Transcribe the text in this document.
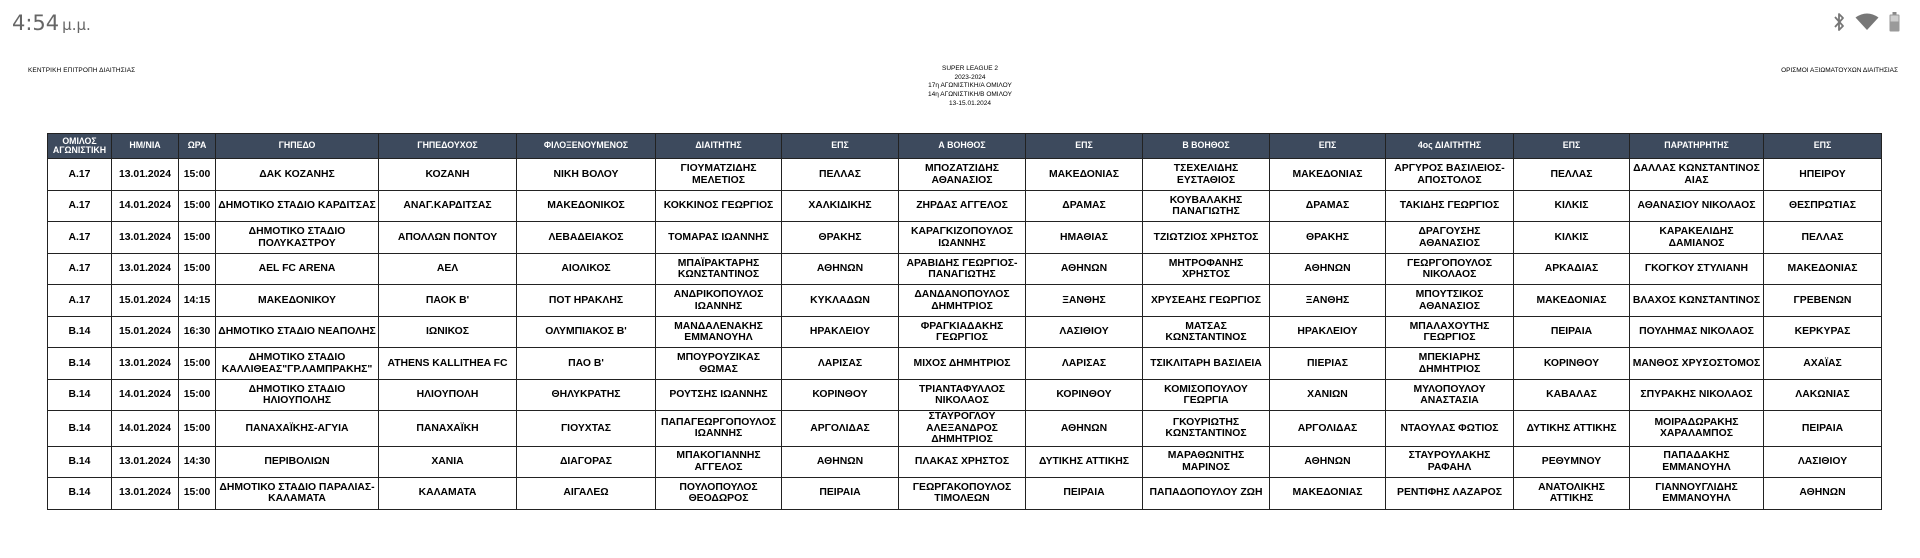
4:54 μ.μ.
ΚΕΝΤΡΙΚΗ ΕΠΙΤΡΟΠΗ ΔΙΑΙΤΗΣΙΑΣ	SUPER LEAGUE 2
2023-2024
17η ΑΓΩΝΙΣΤΙΚΗ/Α ΟΜΙΛΟΥ
14η ΑΓΩΝΙΣΤΙΚΗ/Β ΟΜΙΛΟΥ
13-15.01.2024
ΟΡΙΣΜΟΙ ΑΞΙΩΜΑΤΟΥΧΩΝ ΔΙΑΙΤΗΣΙΑΣ
ΟΜΙΛΟΣ ΑΓΩΝΙΣΤΙΚΗ	ΗΜ/ΝΙΑ	ΩΡΑ	ΓΗΠΕΔΟ	ΓΗΠΕΔΟΥΧΟΣ	ΦΙΛΟΞΕΝΟΥΜΕΝΟΣ	ΔΙΑΙΤΗΤΗΣ	ΕΠΣ	Α ΒΟΗΘΟΣ	ΕΠΣ	Β ΒΟΗΘΟΣ	ΕΠΣ	4ος ΔΙΑΙΤΗΤΗΣ	ΕΠΣ	ΠΑΡΑΤΗΡΗΤΗΣ	ΕΠΣ
Α.17	13.01.2024	15:00	ΔΑΚ ΚΟΖΑΝΗΣ	ΚΟΖΑΝΗ	ΝΙΚΗ ΒΟΛΟΥ	ΓΙΟΥΜΑΤΖΙΔΗΣ ΜΕΛΕΤΙΟΣ	ΠΕΛΛΑΣ	ΜΠΟΖΑΤΖΙΔΗΣ ΑΘΑΝΑΣΙΟΣ	ΜΑΚΕΔΟΝΙΑΣ	ΤΣΕΧΕΛΙΔΗΣ ΕΥΣΤΑΘΙΟΣ	ΜΑΚΕΔΟΝΙΑΣ	ΑΡΓΥΡΟΣ ΒΑΣΙΛΕΙΟΣ-ΑΠΟΣΤΟΛΟΣ	ΠΕΛΛΑΣ	ΔΑΛΛΑΣ ΚΩΝΣΤΑΝΤΙΝΟΣ ΑΙΑΣ	ΗΠΕΙΡΟΥ
Α.17	14.01.2024	15:00	ΔΗΜΟΤΙΚΟ ΣΤΑΔΙΟ ΚΑΡΔΙΤΣΑΣ	ΑΝΑΓ.ΚΑΡΔΙΤΣΑΣ	ΜΑΚΕΔΟΝΙΚΟΣ	ΚΟΚΚΙΝΟΣ ΓΕΩΡΓΙΟΣ	ΧΑΛΚΙΔΙΚΗΣ	ΖΗΡΔΑΣ ΑΓΓΕΛΟΣ	ΔΡΑΜΑΣ	ΚΟΥΒΑΛΑΚΗΣ ΠΑΝΑΓΙΩΤΗΣ	ΔΡΑΜΑΣ	ΤΑΚΙΔΗΣ ΓΕΩΡΓΙΟΣ	ΚΙΛΚΙΣ	ΑΘΑΝΑΣΙΟΥ ΝΙΚΟΛΑΟΣ	ΘΕΣΠΡΩΤΙΑΣ
Α.17	13.01.2024	15:00	ΔΗΜΟΤΙΚΟ ΣΤΑΔΙΟ ΠΟΛΥΚΑΣΤΡΟΥ	ΑΠΟΛΛΩΝ ΠΟΝΤΟΥ	ΛΕΒΑΔΕΙΑΚΟΣ	ΤΟΜΑΡΑΣ ΙΩΑΝΝΗΣ	ΘΡΑΚΗΣ	ΚΑΡΑΓΚΙΖΟΠΟΥΛΟΣ ΙΩΑΝΝΗΣ	ΗΜΑΘΙΑΣ	ΤΖΙΩΤΖΙΟΣ ΧΡΗΣΤΟΣ	ΘΡΑΚΗΣ	ΔΡΑΓΟΥΣΗΣ ΑΘΑΝΑΣΙΟΣ	ΚΙΛΚΙΣ	ΚΑΡΑΚΕΛΙΔΗΣ ΔΑΜΙΑΝΟΣ	ΠΕΛΛΑΣ
Α.17	13.01.2024	15:00	AEL FC ARENA	ΑΕΛ	ΑΙΟΛΙΚΟΣ	ΜΠΑΪΡΑΚΤΑΡΗΣ ΚΩΝΣΤΑΝΤΙΝΟΣ	ΑΘΗΝΩΝ	ΑΡΑΒΙΔΗΣ ΓΕΩΡΓΙΟΣ-ΠΑΝΑΓΙΩΤΗΣ	ΑΘΗΝΩΝ	ΜΗΤΡΟΦΑΝΗΣ ΧΡΗΣΤΟΣ	ΑΘΗΝΩΝ	ΓΕΩΡΓΟΠΟΥΛΟΣ ΝΙΚΟΛΑΟΣ	ΑΡΚΑΔΙΑΣ	ΓΚΟΓΚΟΥ ΣΤΥΛΙΑΝΗ	ΜΑΚΕΔΟΝΙΑΣ
Α.17	15.01.2024	14:15	ΜΑΚΕΔΟΝΙΚΟΥ	ΠΑΟΚ Β'	ΠΟΤ ΗΡΑΚΛΗΣ	ΑΝΔΡΙΚΟΠΟΥΛΟΣ ΙΩΑΝΝΗΣ	ΚΥΚΛΑΔΩΝ	ΔΑΝΔΑΝΟΠΟΥΛΟΣ ΔΗΜΗΤΡΙΟΣ	ΞΑΝΘΗΣ	ΧΡΥΣΕΑΗΣ ΓΕΩΡΓΙΟΣ	ΞΑΝΘΗΣ	ΜΠΟΥΤΣΙΚΟΣ ΑΘΑΝΑΣΙΟΣ	ΜΑΚΕΔΟΝΙΑΣ	ΒΛΑΧΟΣ ΚΩΝΣΤΑΝΤΙΝΟΣ	ΓΡΕΒΕΝΩΝ
Β.14	15.01.2024	16:30	ΔΗΜΟΤΙΚΟ ΣΤΑΔΙΟ ΝΕΑΠΟΛΗΣ	ΙΩΝΙΚΟΣ	ΟΛΥΜΠΙΑΚΟΣ Β'	ΜΑΝΔΑΛΕΝΑΚΗΣ ΕΜΜΑΝΟΥΗΛ	ΗΡΑΚΛΕΙΟΥ	ΦΡΑΓΚΙΑΔΑΚΗΣ ΓΕΩΡΓΙΟΣ	ΛΑΣΙΘΙΟΥ	ΜΑΤΣΑΣ ΚΩΝΣΤΑΝΤΙΝΟΣ	ΗΡΑΚΛΕΙΟΥ	ΜΠΑΛΑΧΟΥΤΗΣ ΓΕΩΡΓΙΟΣ	ΠΕΙΡΑΙΑ	ΠΟΥΛΗΜΑΣ ΝΙΚΟΛΑΟΣ	ΚΕΡΚΥΡΑΣ
Β.14	13.01.2024	15:00	ΔΗΜΟΤΙΚΟ ΣΤΑΔΙΟ ΚΑΛΛΙΘΕΑΣ"ΓΡ.ΛΑΜΠΡΑΚΗΣ"	ATHENS KALLITHEA FC	ΠΑΟ Β'	ΜΠΟΥΡΟΥΖΙΚΑΣ ΘΩΜΑΣ	ΛΑΡΙΣΑΣ	ΜΙΧΟΣ ΔΗΜΗΤΡΙΟΣ	ΛΑΡΙΣΑΣ	ΤΣΙΚΛΙΤΑΡΗ ΒΑΣΙΛΕΙΑ	ΠΙΕΡΙΑΣ	ΜΠΕΚΙΑΡΗΣ ΔΗΜΗΤΡΙΟΣ	ΚΟΡΙΝΘΟΥ	ΜΑΝΘΟΣ ΧΡΥΣΟΣΤΟΜΟΣ	ΑΧΑΪΑΣ
Β.14	14.01.2024	15:00	ΔΗΜΟΤΙΚΟ ΣΤΑΔΙΟ ΗΛΙΟΥΠΟΛΗΣ	ΗΛΙΟΥΠΟΛΗ	ΘΗΛΥΚΡΑΤΗΣ	ΡΟΥΤΣΗΣ ΙΩΑΝΝΗΣ	ΚΟΡΙΝΘΟΥ	ΤΡΙΑΝΤΑΦΥΛΛΟΣ ΝΙΚΟΛΑΟΣ	ΚΟΡΙΝΘΟΥ	ΚΟΜΙΣΟΠΟΥΛΟΥ ΓΕΩΡΓΙΑ	ΧΑΝΙΩΝ	ΜΥΛΟΠΟΥΛΟΥ ΑΝΑΣΤΑΣΙΑ	ΚΑΒΑΛΑΣ	ΣΠΥΡΑΚΗΣ ΝΙΚΟΛΑΟΣ	ΛΑΚΩΝΙΑΣ
Β.14	14.01.2024	15:00	ΠΑΝΑΧΑΪΚΗΣ-ΑΓΥΙΑ	ΠΑΝΑΧΑΪΚΗ	ΓΙΟΥΧΤΑΣ	ΠΑΠΑΓΕΩΡΓΟΠΟΥΛΟΣ ΙΩΑΝΝΗΣ	ΑΡΓΟΛΙΔΑΣ	ΣΤΑΥΡΟΓΛΟΥ ΑΛΕΞΑΝΔΡΟΣ ΔΗΜΗΤΡΙΟΣ	ΑΘΗΝΩΝ	ΓΚΟΥΡΙΩΤΗΣ ΚΩΝΣΤΑΝΤΙΝΟΣ	ΑΡΓΟΛΙΔΑΣ	ΝΤΑΟΥΛΑΣ ΦΩΤΙΟΣ	ΔΥΤΙΚΗΣ ΑΤΤΙΚΗΣ	ΜΟΙΡΑΔΩΡΑΚΗΣ ΧΑΡΑΛΑΜΠΟΣ	ΠΕΙΡΑΙΑ
Β.14	13.01.2024	14:30	ΠΕΡΙΒΟΛΙΩΝ	ΧΑΝΙΑ	ΔΙΑΓΟΡΑΣ	ΜΠΑΚΟΓΙΑΝΝΗΣ ΑΓΓΕΛΟΣ	ΑΘΗΝΩΝ	ΠΛΑΚΑΣ ΧΡΗΣΤΟΣ	ΔΥΤΙΚΗΣ ΑΤΤΙΚΗΣ	ΜΑΡΑΘΩΝΙΤΗΣ ΜΑΡΙΝΟΣ	ΑΘΗΝΩΝ	ΣΤΑΥΡΟΥΛΑΚΗΣ ΡΑΦΑΗΛ	ΡΕΘΥΜΝΟΥ	ΠΑΠΑΔΑΚΗΣ ΕΜΜΑΝΟΥΗΛ	ΛΑΣΙΘΙΟΥ
Β.14	13.01.2024	15:00	ΔΗΜΟΤΙΚΟ ΣΤΑΔΙΟ ΠΑΡΑΛΙΑΣ-ΚΑΛΑΜΑΤΑ	ΚΑΛΑΜΑΤΑ	ΑΙΓΑΛΕΩ	ΠΟΥΛΟΠΟΥΛΟΣ ΘΕΟΔΩΡΟΣ	ΠΕΙΡΑΙΑ	ΓΕΩΡΓΑΚΟΠΟΥΛΟΣ ΤΙΜΟΛΕΩΝ	ΠΕΙΡΑΙΑ	ΠΑΠΑΔΟΠΟΥΛΟΥ ΖΩΗ	ΜΑΚΕΔΟΝΙΑΣ	ΡΕΝΤΙΦΗΣ ΛΑΖΑΡΟΣ	ΑΝΑΤΟΛΙΚΗΣ ΑΤΤΙΚΗΣ	ΓΙΑΝΝΟΥΓΛΙΔΗΣ ΕΜΜΑΝΟΥΗΛ	ΑΘΗΝΩΝ
